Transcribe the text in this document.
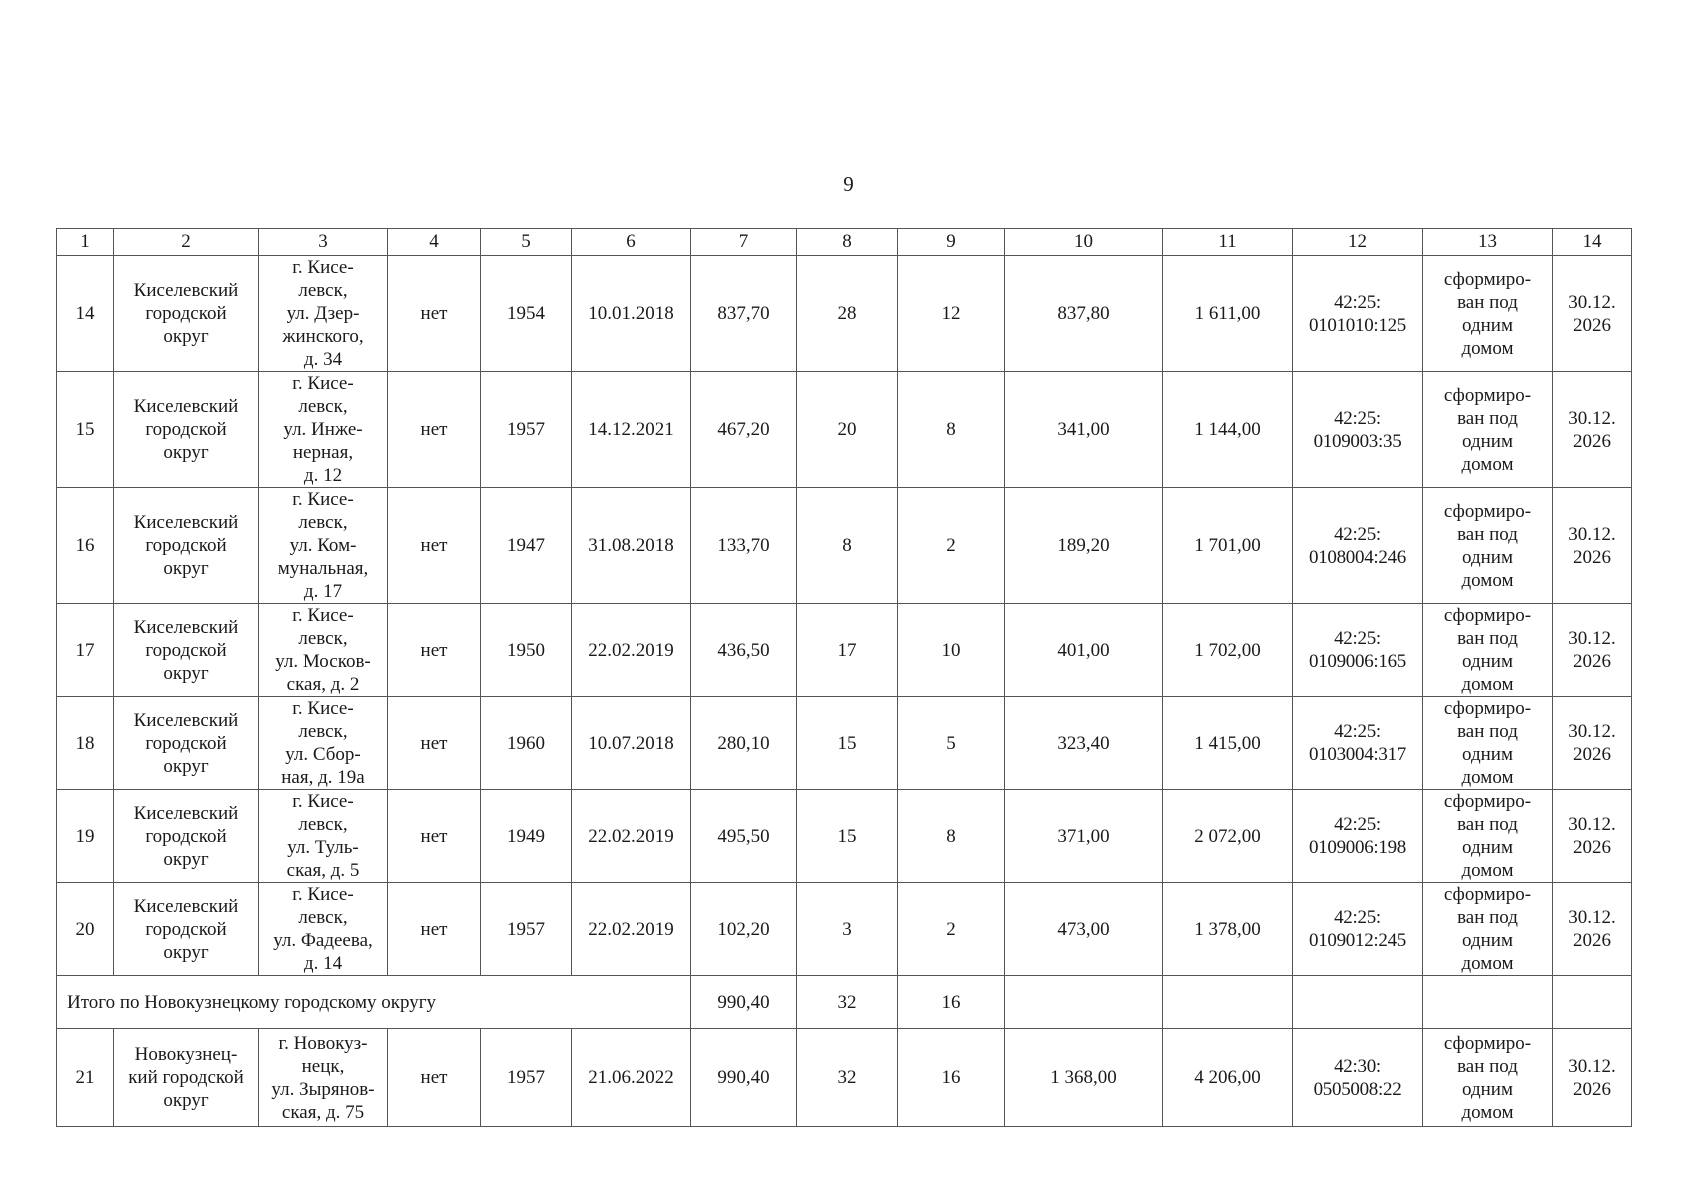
9
1	2	3	4	5	6	7	8	9	10	11	12	13	14
14	Киселевский
городской
округ	г. Кисе-
левск,
ул. Дзер-
жинского,
д. 34	нет	1954	10.01.2018	837,70	28	12	837,80	1 611,00	42:25:
0101010:125	сформиро-
ван под
одним
домом	30.12.
2026
15	Киселевский
городской
округ	г. Кисе-
левск,
ул. Инже-
нерная,
д. 12	нет	1957	14.12.2021	467,20	20	8	341,00	1 144,00	42:25:
0109003:35	сформиро-
ван под
одним
домом	30.12.
2026
16	Киселевский
городской
округ	г. Кисе-
левск,
ул. Ком-
мунальная,
д. 17	нет	1947	31.08.2018	133,70	8	2	189,20	1 701,00	42:25:
0108004:246	сформиро-
ван под
одним
домом	30.12.
2026
17	Киселевский
городской
округ	г. Кисе-
левск,
ул. Москов-
ская, д. 2	нет	1950	22.02.2019	436,50	17	10	401,00	1 702,00	42:25:
0109006:165	сформиро-
ван под
одним
домом	30.12.
2026
18	Киселевский
городской
округ	г. Кисе-
левск,
ул. Сбор-
ная, д. 19а	нет	1960	10.07.2018	280,10	15	5	323,40	1 415,00	42:25:
0103004:317	сформиро-
ван под
одним
домом	30.12.
2026
19	Киселевский
городской
округ	г. Кисе-
левск,
ул. Туль-
ская, д. 5	нет	1949	22.02.2019	495,50	15	8	371,00	2 072,00	42:25:
0109006:198	сформиро-
ван под
одним
домом	30.12.
2026
20	Киселевский
городской
округ	г. Кисе-
левск,
ул. Фадеева,
д. 14	нет	1957	22.02.2019	102,20	3	2	473,00	1 378,00	42:25:
0109012:245	сформиро-
ван под
одним
домом	30.12.
2026
Итого по Новокузнецкому городскому округу						990,40	32	16					
21	Новокузнец-
кий городской
округ	г. Новокуз-
нецк,
ул. Зырянов-
ская, д. 75	нет	1957	21.06.2022	990,40	32	16	1 368,00	4 206,00	42:30:
0505008:22	сформиро-
ван под
одним
домом	30.12.
2026
